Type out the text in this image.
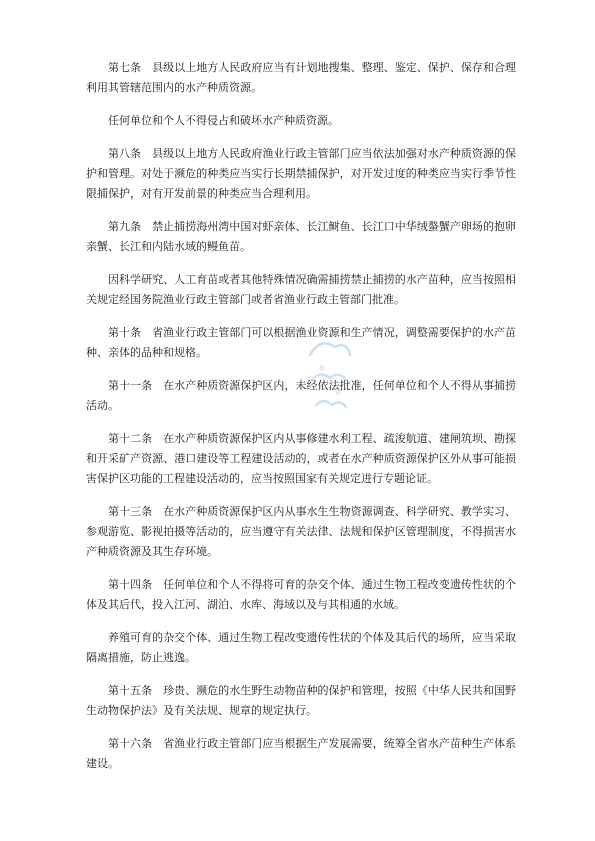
第七条　县级以上地方人民政府应当有计划地搜集、整理、鉴定、保护、保存和合理利用其管辖范围内的水产种质资源。

任何单位和个人不得侵占和破坏水产种质资源。

第八条　县级以上地方人民政府渔业行政主管部门应当依法加强对水产种质资源的保护和管理。对处于濒危的种类应当实行长期禁捕保护，对开发过度的种类应当实行季节性限捕保护，对有开发前景的种类应当合理利用。

第九条　禁止捕捞海州湾中国对虾亲体、长江鲥鱼、长江口中华绒螯蟹产卵场的抱卵亲蟹、长江和内陆水域的鳗鱼苗。

因科学研究、人工育苗或者其他特殊情况确需捕捞禁止捕捞的水产苗种，应当按照相关规定经国务院渔业行政主管部门或者省渔业行政主管部门批准。

第十条　省渔业行政主管部门可以根据渔业资源和生产情况，调整需要保护的水产苗种、亲体的品种和规格。

第十一条　在水产种质资源保护区内，未经依法批准，任何单位和个人不得从事捕捞活动。

第十二条　在水产种质资源保护区内从事修建水利工程、疏浚航道、建闸筑坝、勘探和开采矿产资源、港口建设等工程建设活动的，或者在水产种质资源保护区外从事可能损害保护区功能的工程建设活动的，应当按照国家有关规定进行专题论证。

第十三条　在水产种质资源保护区内从事水生生物资源调查、科学研究、教学实习、参观游览、影视拍摄等活动的，应当遵守有关法律、法规和保护区管理制度，不得损害水产种质资源及其生存环境。

第十四条　任何单位和个人不得将可育的杂交个体、通过生物工程改变遗传性状的个体及其后代，投入江河、湖泊、水库、海域以及与其相通的水域。

养殖可育的杂交个体、通过生物工程改变遗传性状的个体及其后代的场所，应当采取隔离措施，防止逃逸。

第十五条　珍贵、濒危的水生野生动物苗种的保护和管理，按照《中华人民共和国野生动物保护法》及有关法规、规章的规定执行。

第十六条　省渔业行政主管部门应当根据生产发展需要，统筹全省水产苗种生产体系建设。
